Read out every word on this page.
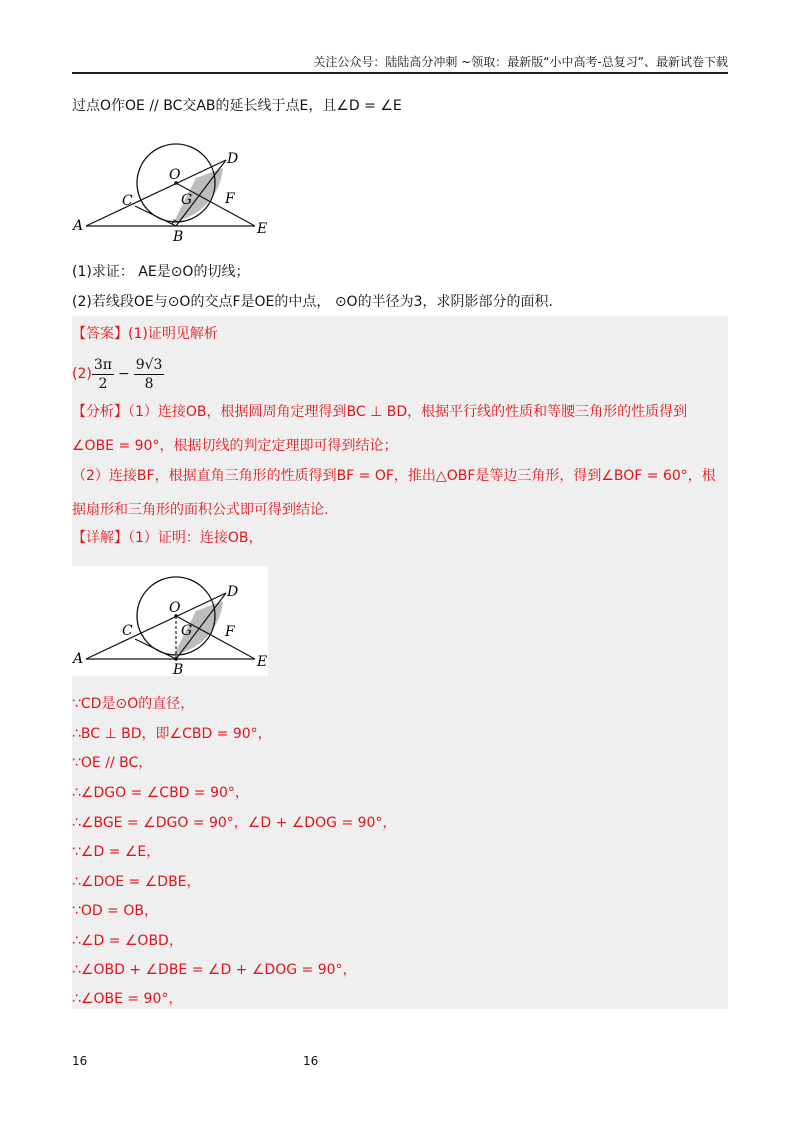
关注公众号：陆陆高分冲刺 ~领取：最新版“小中高考-总复习”、最新试卷下载
过点O作OE // BC交AB的延长线于点E，且∠D = ∠E
O
D
C	G F
A
B	E
(1)求证： AE是⊙O的切线；
(2)若线段OE与⊙O的交点F是OE的中点， ⊙O的半径为3，求阴影部分的面积.
【答案】(1)证明见解析
$(2) \frac{3\pi}{2} - \frac{9√3}{8}$
【分析】（1）连接OB，根据圆周角定理得到BC ⊥ BD，根据平行线的性质和等腰三角形的性质得到
∠OBE = 90°，根据切线的判定定理即可得到结论；
（2）连接BF，根据直角三角形的性质得到BF = OF，推出△OBF是等边三角形，得到∠BOF = 60°，根
据扇形和三角形的面积公式即可得到结论.
【详解】（1）证明：连接OB，
O
D
C	G F
A
B	E
∵CD是⊙O的直径，
∴BC ⊥ BD，即∠CBD = 90°，
∵OE // BC，
∴∠DGO = ∠CBD = 90°，
∴∠BGE = ∠DGO = 90°，∠D + ∠DOG = 90°，
∵∠D = ∠E，
∴∠DOE = ∠DBE，
∵OD = OB，
∴∠D = ∠OBD，
∴∠OBD + ∠DBE = ∠D + ∠DOG = 90°，
∴∠OBE = 90°，
16	16
